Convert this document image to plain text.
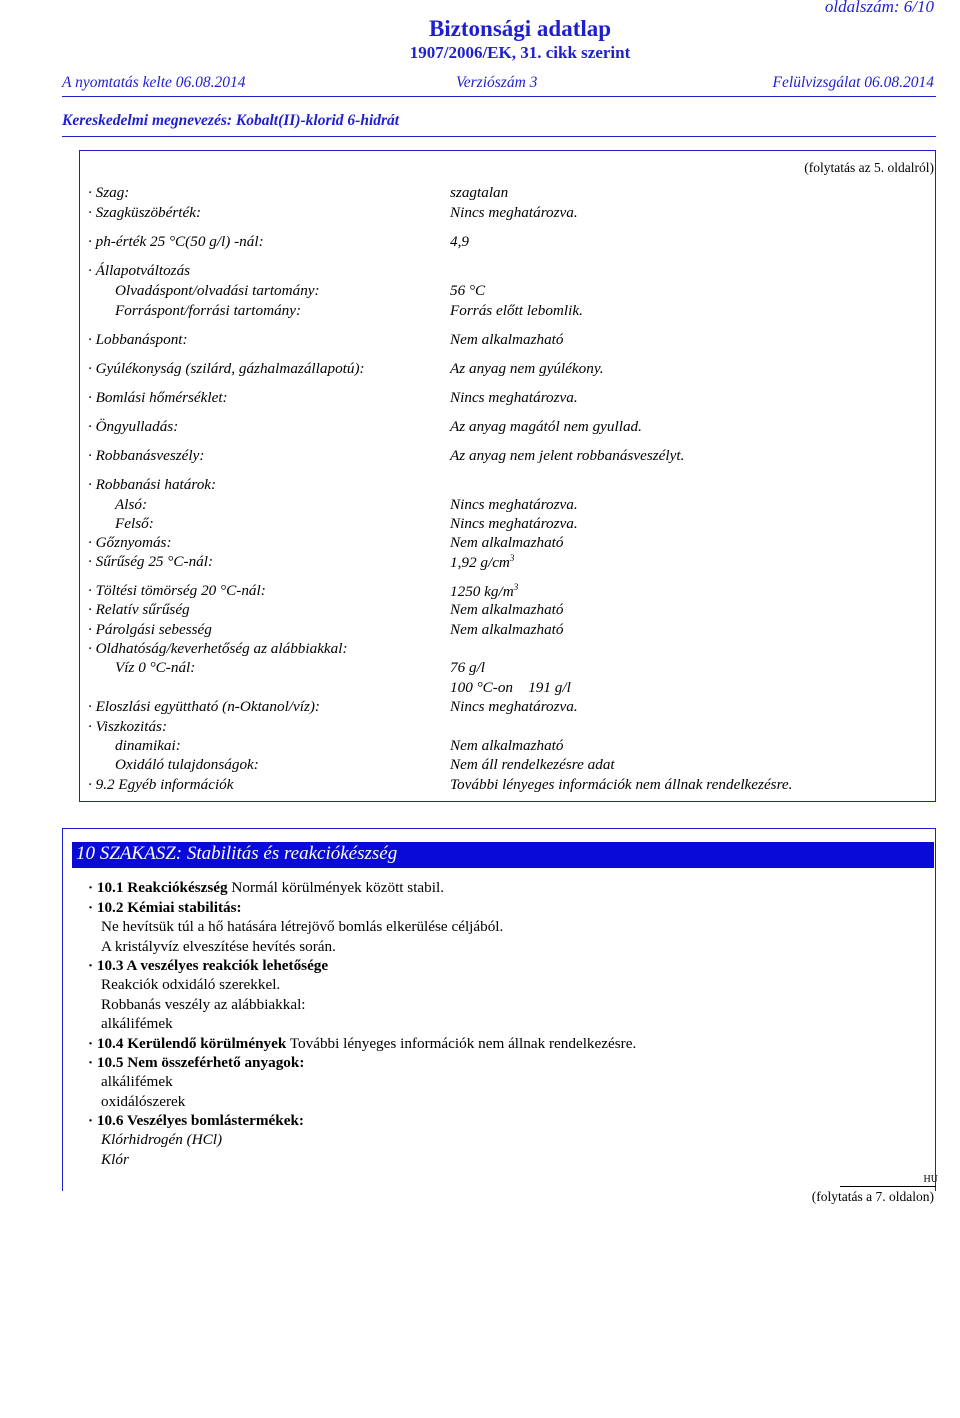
oldalszám: 6/10
Biztonsági adatlap
1907/2006/EK, 31. cikk szerint
A nyomtatás kelte 06.08.2014	Verziószám 3	Felülvizsgálat 06.08.2014
Kereskedelmi megnevezés: Kobalt(II)-klorid 6-hidrát
(folytatás az 5. oldalról)
· Szag:	szagtalan
· Szagküszöbérték:	Nincs meghatározva.
· ph-érték 25 °C(50 g/l) -nál:	4,9
· Állapotváltozás
Olvadáspont/olvadási tartomány:	56 °C
Forráspont/forrási tartomány:	Forrás előtt lebomlik.
· Lobbanáspont:	Nem alkalmazható
· Gyúlékonyság (szilárd, gázhalmazállapotú):	Az anyag nem gyúlékony.
· Bomlási hőmérséklet:	Nincs meghatározva.
· Öngyulladás:	Az anyag magától nem gyullad.
· Robbanásveszély:	Az anyag nem jelent robbanásveszélyt.
· Robbanási határok:
Alsó:	Nincs meghatározva.
Felső:	Nincs meghatározva.
· Gőznyomás:	Nem alkalmazható
· Sűrűség 25 °C-nál:	1,92 $g/cm^3$
· Töltési tömörség 20 °C-nál:	1250 $kg/m^3$
· Relatív sűrűség	Nem alkalmazható
· Párolgási sebesség	Nem alkalmazható
· Oldhatóság/keverhetőség az alábbiakkal:
Víz 0 °C-nál:	76 g/l
100 °C-on    191 g/l
· Eloszlási együttható (n-Oktanol/víz):	Nincs meghatározva.
· Viszkozitás:
dinamikai:	Nem alkalmazható
Oxidáló tulajdonságok:	Nem áll rendelkezésre adat
· 9.2 Egyéb információk	További lényeges információk nem állnak rendelkezésre.
10 SZAKASZ: Stabilitás és reakciókészség
· 10.1 Reakciókészség Normál körülmények között stabil.
· 10.2 Kémiai stabilitás:
Ne hevítsük túl a hő hatására létrejövő bomlás elkerülése céljából.
A kristályvíz elveszítése hevítés során.
· 10.3 A veszélyes reakciók lehetősége
Reakciók odxidáló szerekkel.
Robbanás veszély az alábbiakkal:
alkálifémek
· 10.4 Kerülendő körülmények További lényeges információk nem állnak rendelkezésre.
· 10.5 Nem összeférhető anyagok:
alkálifémek
oxidálószerek
· 10.6 Veszélyes bomlástermékek:
Klórhidrogén (HCl)
Klór
HU
(folytatás a 7. oldalon)
